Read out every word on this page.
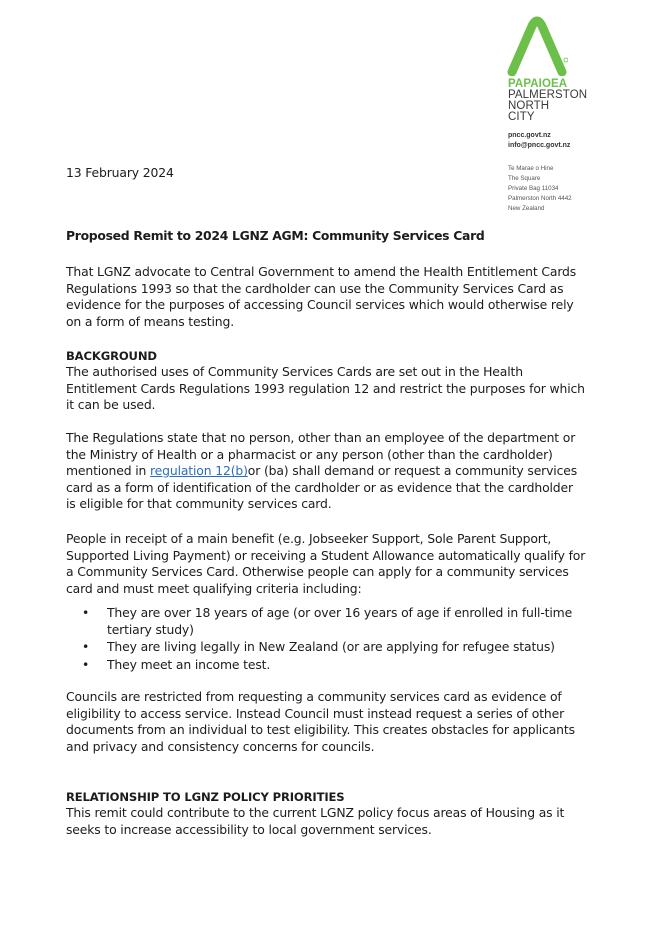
PAPAIOEA
PALMERSTON
NORTH
CITY
pncc.govt.nz
info@pncc.govt.nz
Te Marae o Hine
The Square
Private Bag 11034
Palmerston North 4442
New Zealand
13 February 2024
Proposed Remit to 2024 LGNZ AGM: Community Services Card
That LGNZ advocate to Central Government to amend the Health Entitlement Cards Regulations 1993 so that the cardholder can use the Community Services Card as evidence for the purposes of accessing Council services which would otherwise rely on a form of means testing.
BACKGROUND
The authorised uses of Community Services Cards are set out in the Health Entitlement Cards Regulations 1993 regulation 12 and restrict the purposes for which it can be used.
The Regulations state that no person, other than an employee of the department or the Ministry of Health or a pharmacist or any person (other than the cardholder) mentioned in regulation 12(b)or (ba) shall demand or request a community services card as a form of identification of the cardholder or as evidence that the cardholder is eligible for that community services card.
People in receipt of a main benefit (e.g. Jobseeker Support, Sole Parent Support, Supported Living Payment) or receiving a Student Allowance automatically qualify for a Community Services Card. Otherwise people can apply for a community services card and must meet qualifying criteria including:
• They are over 18 years of age (or over 16 years of age if enrolled in full-time tertiary study)
• They are living legally in New Zealand (or are applying for refugee status)
• They meet an income test.
Councils are restricted from requesting a community services card as evidence of eligibility to access service. Instead Council must instead request a series of other documents from an individual to test eligibility. This creates obstacles for applicants and privacy and consistency concerns for councils.
RELATIONSHIP TO LGNZ POLICY PRIORITIES
This remit could contribute to the current LGNZ policy focus areas of Housing as it seeks to increase accessibility to local government services.
